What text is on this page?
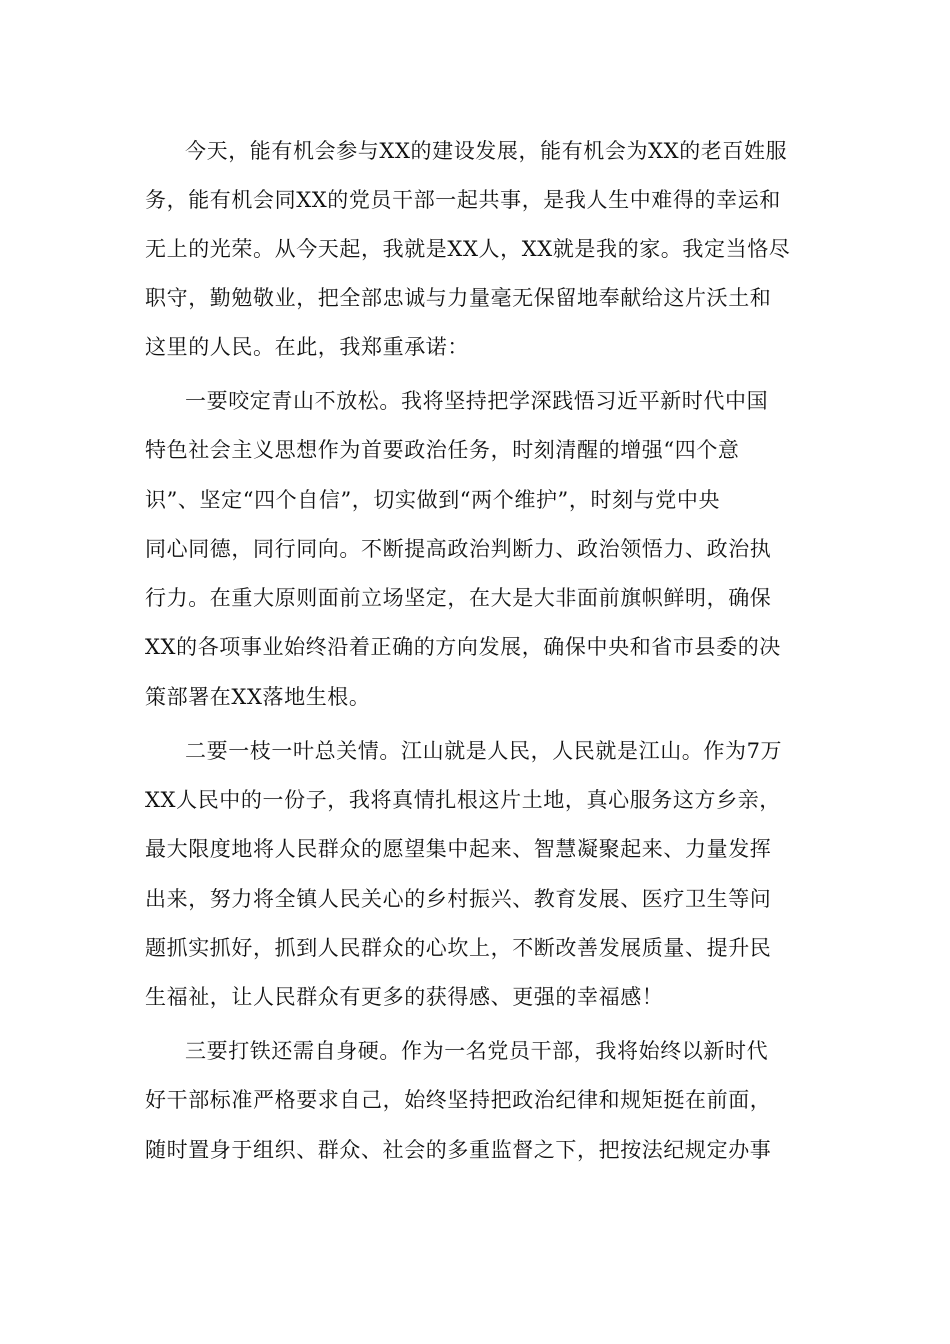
今天，能有机会参与XX的建设发展，能有机会为XX的老百姓服
务，能有机会同XX的党员干部一起共事，是我人生中难得的幸运和
无上的光荣。从今天起，我就是XX人，XX就是我的家。我定当恪尽
职守，勤勉敬业，把全部忠诚与力量毫无保留地奉献给这片沃土和
这里的人民。在此，我郑重承诺：
一要咬定青山不放松。我将坚持把学深践悟习近平新时代中国
特色社会主义思想作为首要政治任务，时刻清醒的增强“四个意
识”、坚定“四个自信”，切实做到“两个维护”，时刻与党中央
同心同德，同行同向。不断提高政治判断力、政治领悟力、政治执
行力。在重大原则面前立场坚定，在大是大非面前旗帜鲜明，确保
XX的各项事业始终沿着正确的方向发展，确保中央和省市县委的决
策部署在XX落地生根。
二要一枝一叶总关情。江山就是人民，人民就是江山。作为7万
XX人民中的一份子，我将真情扎根这片土地，真心服务这方乡亲，
最大限度地将人民群众的愿望集中起来、智慧凝聚起来、力量发挥
出来，努力将全镇人民关心的乡村振兴、教育发展、医疗卫生等问
题抓实抓好，抓到人民群众的心坎上，不断改善发展质量、提升民
生福祉，让人民群众有更多的获得感、更强的幸福感！
三要打铁还需自身硬。作为一名党员干部，我将始终以新时代
好干部标准严格要求自己，始终坚持把政治纪律和规矩挺在前面，
随时置身于组织、群众、社会的多重监督之下，把按法纪规定办事
